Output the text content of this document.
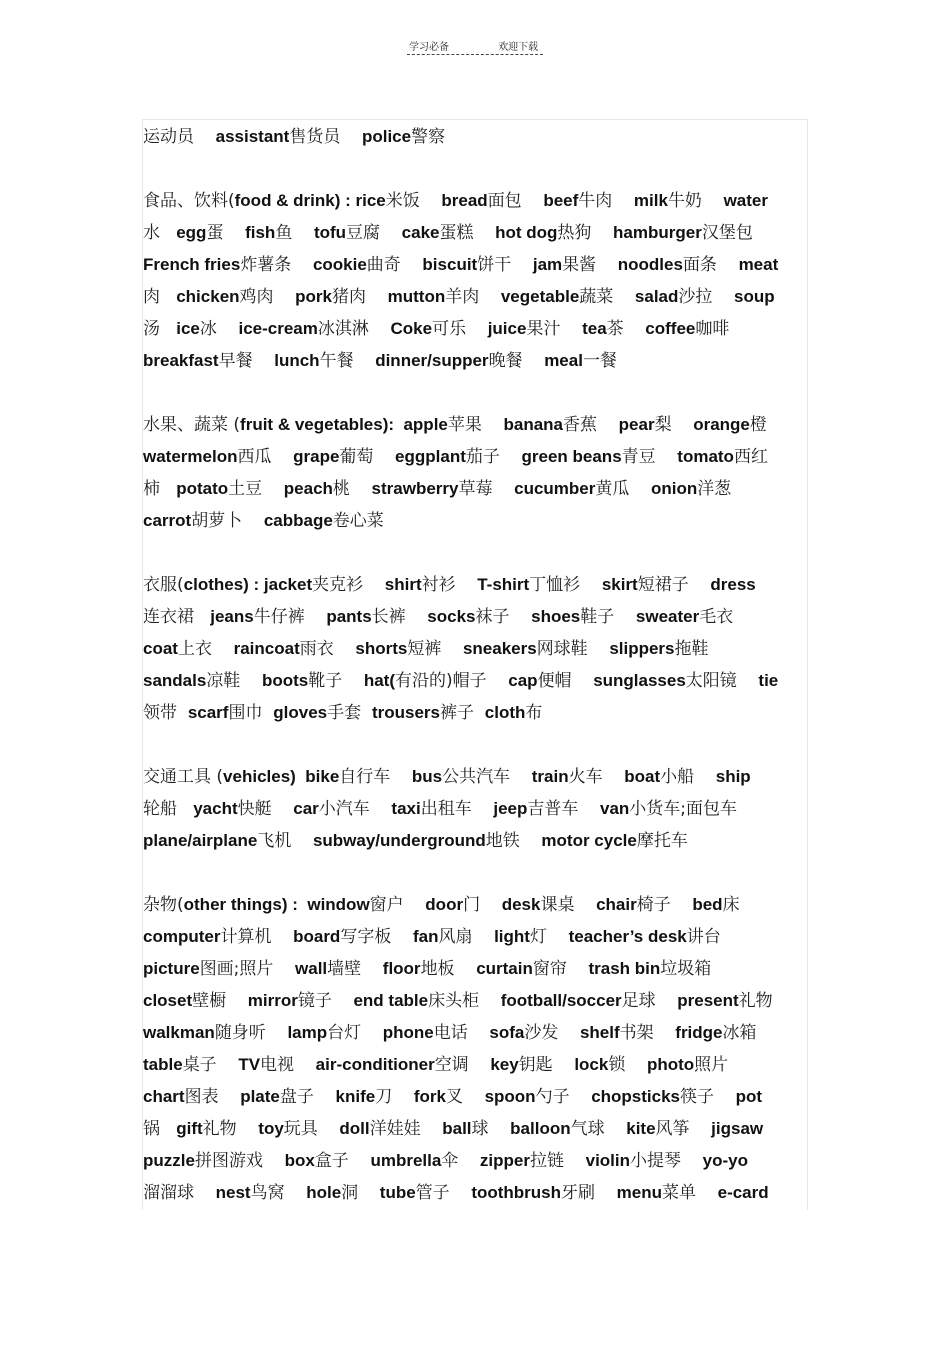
学习必备	欢迎下载
运动员    assistant售货员    police警察
食品、饮料(food & drink) : rice米饭    bread面包    beef牛肉    milk牛奶    water
水   egg蛋    fish鱼    tofu豆腐    cake蛋糕    hot dog热狗    hamburger汉堡包
French fries炸薯条    cookie曲奇    biscuit饼干    jam果酱    noodles面条    meat
肉   chicken鸡肉    pork猪肉    mutton羊肉    vegetable蔬菜    salad沙拉    soup
汤   ice冰    ice-cream冰淇淋    Coke可乐    juice果汁    tea茶    coffee咖啡
breakfast早餐    lunch午餐    dinner/supper晚餐    meal一餐
水果、蔬菜 (fruit & vegetables):  apple苹果    banana香蕉    pear梨    orange橙
watermelon西瓜    grape葡萄    eggplant茄子    green beans青豆    tomato西红
柿   potato土豆    peach桃    strawberry草莓    cucumber黄瓜    onion洋葱
carrot胡萝卜    cabbage卷心菜
衣服(clothes) : jacket夹克衫    shirt衬衫    T-shirt丁恤衫    skirt短裙子    dress
连衣裙   jeans牛仔裤    pants长裤    socks袜子    shoes鞋子    sweater毛衣
coat上衣    raincoat雨衣    shorts短裤    sneakers网球鞋    slippers拖鞋
sandals凉鞋    boots靴子    hat(有沿的)帽子    cap便帽    sunglasses太阳镜    tie
领带  scarf围巾  gloves手套  trousers裤子  cloth布
交通工具 (vehicles)  bike自行车    bus公共汽车    train火车    boat小船    ship
轮船   yacht快艇    car小汽车    taxi出租车    jeep吉普车    van小货车;面包车
plane/airplane飞机    subway/underground地铁    motor cycle摩托车
杂物(other things) :  window窗户    door门    desk课桌    chair椅子    bed床
computer计算机    board写字板    fan风扇    light灯    teacher’s desk讲台
picture图画;照片    wall墙壁    floor地板    curtain窗帘    trash bin垃圾箱
closet壁橱    mirror镜子    end table床头柜    football/soccer足球    present礼物
walkman随身听    lamp台灯    phone电话    sofa沙发    shelf书架    fridge冰箱
table桌子    TV电视    air-conditioner空调    key钥匙    lock锁    photo照片
chart图表    plate盘子    knife刀    fork叉    spoon勺子    chopsticks筷子    pot
锅   gift礼物    toy玩具    doll洋娃娃    ball球    balloon气球    kite风筝    jigsaw
puzzle拼图游戏    box盒子    umbrella伞    zipper拉链    violin小提琴    yo-yo
溜溜球    nest鸟窝    hole洞    tube管子    toothbrush牙刷    menu菜单    e-card
